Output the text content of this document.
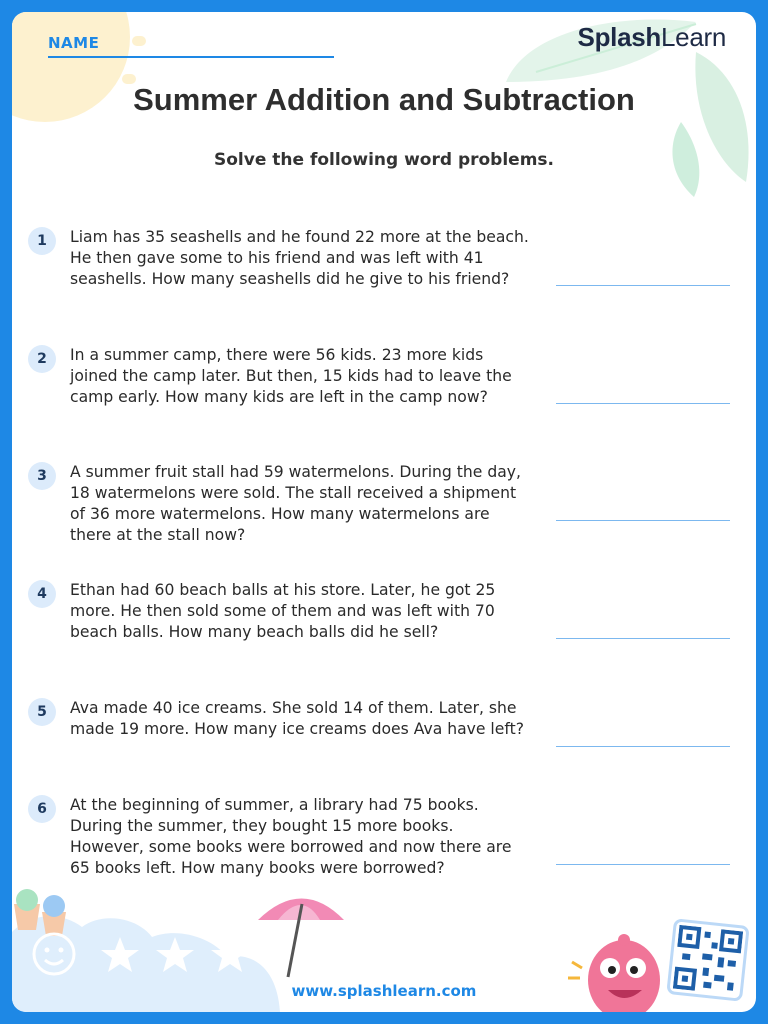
NAME	SplashLearn
Summer Addition and Subtraction
Solve the following word problems.
1	Liam has 35 seashells and he found 22 more at the beach. He then gave some to his friend and was left with 41 seashells. How many seashells did he give to his friend?
2	In a summer camp, there were 56 kids. 23 more kids joined the camp later. But then, 15 kids had to leave the camp early. How many kids are left in the camp now?
3	A summer fruit stall had 59 watermelons. During the day, 18 watermelons were sold. The stall received a shipment of 36 more watermelons. How many watermelons are there at the stall now?
4	Ethan had 60 beach balls at his store. Later, he got 25 more. He then sold some of them and was left with 70 beach balls. How many beach balls did he sell?
5	Ava made 40 ice creams. She sold 14 of them. Later, she made 19 more. How many ice creams does Ava have left?
6	At the beginning of summer, a library had 75 books. During the summer, they bought 15 more books. However, some books were borrowed and now there are 65 books left. How many books were borrowed?
www.splashlearn.com
